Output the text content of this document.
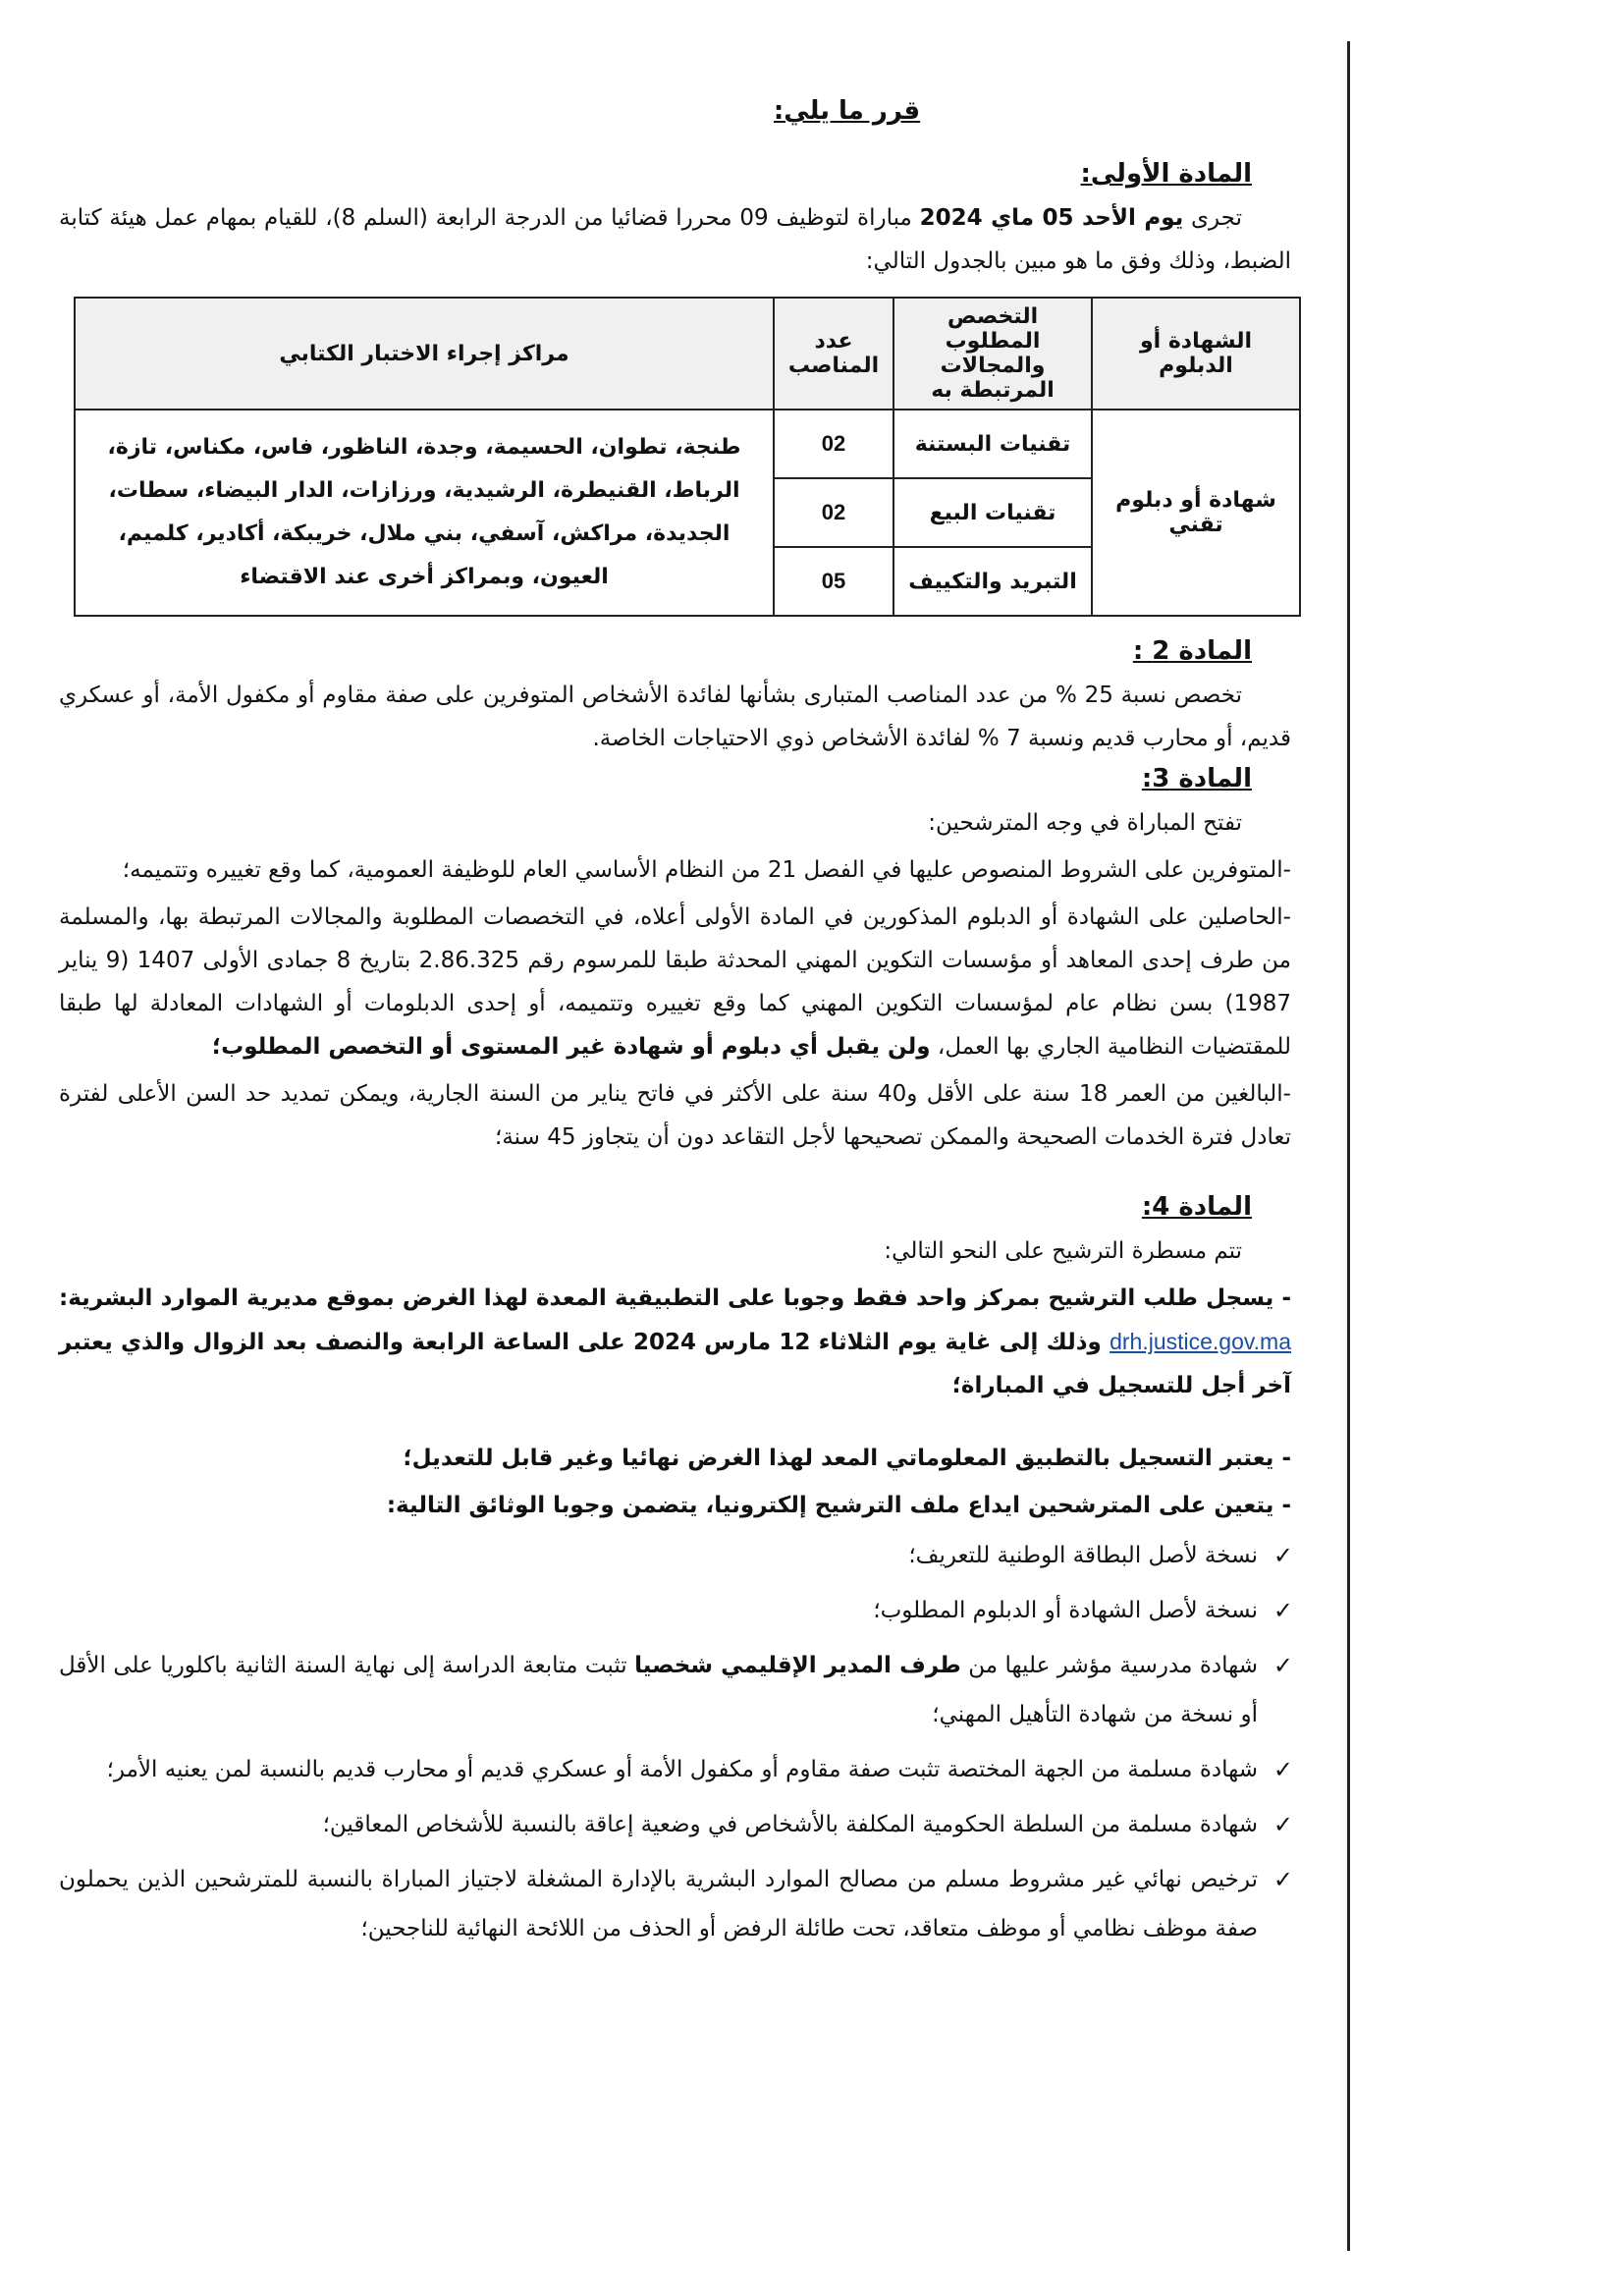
قرر ما يلي:
المادة الأولى:

تجرى يوم الأحد 05 ماي 2024 مباراة لتوظيف 09 محررا قضائيا من الدرجة الرابعة (السلم 8)، للقيام بمهام عمل هيئة كتابة الضبط، وذلك وفق ما هو مبين بالجدول التالي:

الشهادة أو الدبلوم	التخصص المطلوب والمجالات المرتبطة به	عدد المناصب	مراكز إجراء الاختبار الكتابي
شهادة أو دبلوم تقني	تقنيات البستنة	02	طنجة، تطوان، الحسيمة، وجدة، الناظور، فاس، مكناس، تازة، الرباط، القنيطرة، الرشيدية، ورزازات، الدار البيضاء، سطات، الجديدة، مراكش، آسفي، بني ملال، خريبكة، أكادير، كلميم، العيون، وبمراكز أخرى عند الاقتضاء
	تقنيات البيع	02	
	التبريد والتكييف	05	
المادة 2 :

تخصص نسبة 25 % من عدد المناصب المتبارى بشأنها لفائدة الأشخاص المتوفرين على صفة مقاوم أو مكفول الأمة، أو عسكري قديم، أو محارب قديم ونسبة 7 % لفائدة الأشخاص ذوي الاحتياجات الخاصة.

المادة 3:

تفتح المباراة في وجه المترشحين:

-المتوفرين على الشروط المنصوص عليها في الفصل 21 من النظام الأساسي العام للوظيفة العمومية، كما وقع تغييره وتتميمه؛

-الحاصلين على الشهادة أو الدبلوم المذكورين في المادة الأولى أعلاه، في التخصصات المطلوبة والمجالات المرتبطة بها، والمسلمة من طرف إحدى المعاهد أو مؤسسات التكوين المهني المحدثة طبقا للمرسوم رقم 2.86.325 بتاريخ 8 جمادى الأولى 1407 (9 يناير 1987) بسن نظام عام لمؤسسات التكوين المهني كما وقع تغييره وتتميمه، أو إحدى الدبلومات أو الشهادات المعادلة لها طبقا للمقتضيات النظامية الجاري بها العمل، ولن يقبل أي دبلوم أو شهادة غير المستوى أو التخصص المطلوب؛

-البالغين من العمر 18 سنة على الأقل و40 سنة على الأكثر في فاتح يناير من السنة الجارية، ويمكن تمديد حد السن الأعلى لفترة تعادل فترة الخدمات الصحيحة والممكن تصحيحها لأجل التقاعد دون أن يتجاوز 45 سنة؛

المادة 4:

تتم مسطرة الترشيح على النحو التالي:

- يسجل طلب الترشيح بمركز واحد فقط وجوبا على التطبيقية المعدة لهذا الغرض بموقع مديرية الموارد البشرية: drh.justice.gov.ma وذلك إلى غاية يوم الثلاثاء 12 مارس 2024 على الساعة الرابعة والنصف بعد الزوال والذي يعتبر آخر أجل للتسجيل في المباراة؛

- يعتبر التسجيل بالتطبيق المعلوماتي المعد لهذا الغرض نهائيا وغير قابل للتعديل؛

- يتعين على المترشحين ايداع ملف الترشيح إلكترونيا، يتضمن وجوبا الوثائق التالية:

✓
نسخة لأصل البطاقة الوطنية للتعريف؛
✓
نسخة لأصل الشهادة أو الدبلوم المطلوب؛
✓
شهادة مدرسية مؤشر عليها من طرف المدير الإقليمي شخصيا تثبت متابعة الدراسة إلى نهاية السنة الثانية باكلوريا على الأقل أو نسخة من شهادة التأهيل المهني؛
✓
شهادة مسلمة من الجهة المختصة تثبت صفة مقاوم أو مكفول الأمة أو عسكري قديم أو محارب قديم بالنسبة لمن يعنيه الأمر؛
✓
شهادة مسلمة من السلطة الحكومية المكلفة بالأشخاص في وضعية إعاقة بالنسبة للأشخاص المعاقين؛
✓
ترخيص نهائي غير مشروط مسلم من مصالح الموارد البشرية بالإدارة المشغلة لاجتياز المباراة بالنسبة للمترشحين الذين يحملون صفة موظف نظامي أو موظف متعاقد، تحت طائلة الرفض أو الحذف من اللائحة النهائية للناجحين؛
